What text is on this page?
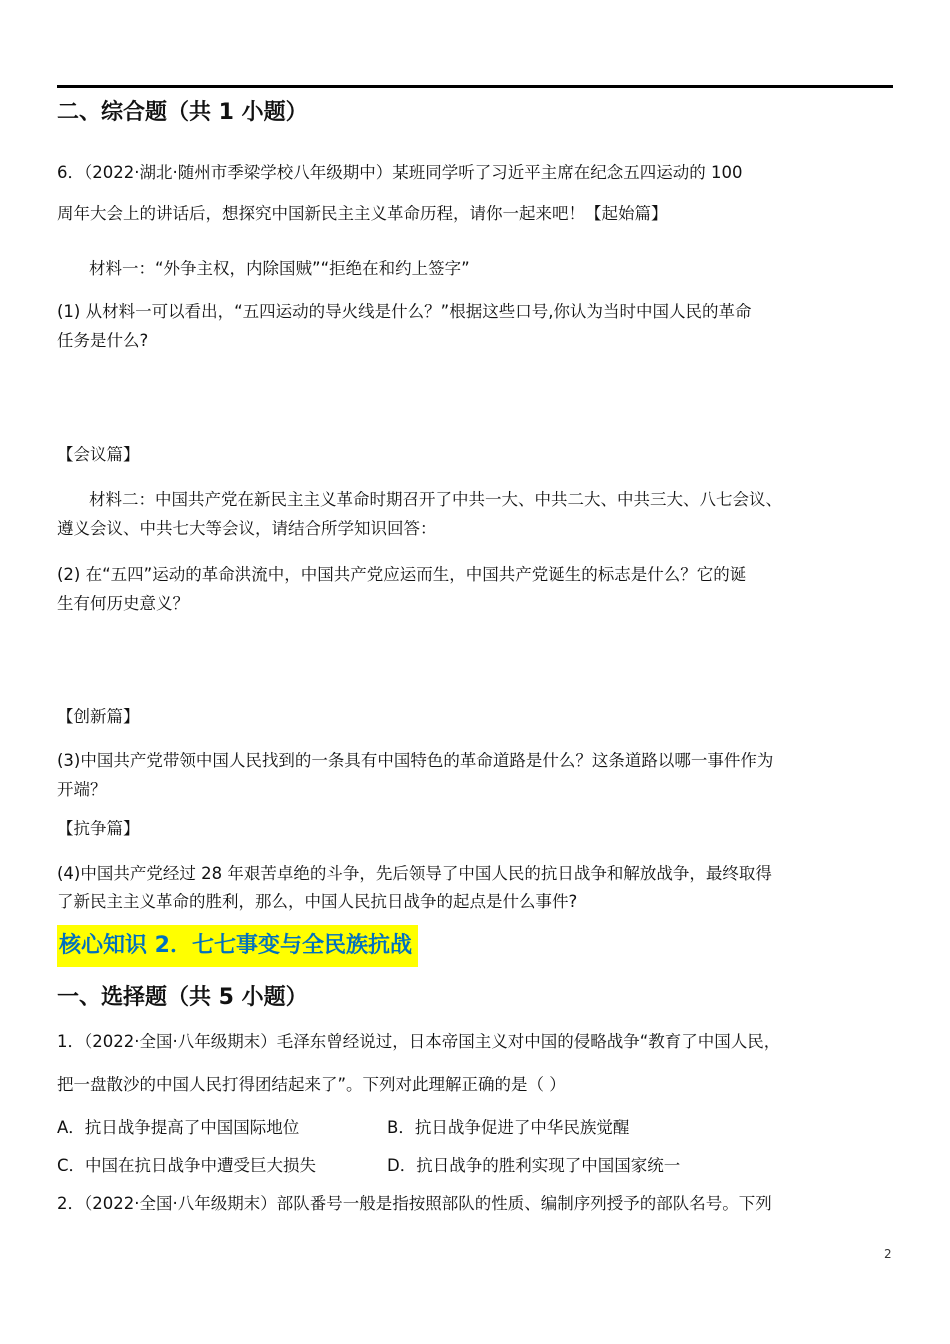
二、综合题（共 1 小题）
6．（2022·湖北·随州市季梁学校八年级期中）某班同学听了习近平主席在纪念五四运动的 100
周年大会上的讲话后，想探究中国新民主主义革命历程，请你一起来吧！【起始篇】
材料一：“外争主权，内除国贼”“拒绝在和约上签字”
(1) 从材料一可以看出，“五四运动的导火线是什么？”根据这些口号,你认为当时中国人民的革命
任务是什么?
【会议篇】
材料二：中国共产党在新民主主义革命时期召开了中共一大、中共二大、中共三大、八七会议、
遵义会议、中共七大等会议，请结合所学知识回答：
(2) 在“五四”运动的革命洪流中，中国共产党应运而生，中国共产党诞生的标志是什么？它的诞
生有何历史意义？
【创新篇】
(3)中国共产党带领中国人民找到的一条具有中国特色的革命道路是什么？这条道路以哪一事件作为
开端？
【抗争篇】
(4)中国共产党经过 28 年艰苦卓绝的斗争，先后领导了中国人民的抗日战争和解放战争，最终取得
了新民主主义革命的胜利，那么，中国人民抗日战争的起点是什么事件?
核心知识 2．七七事变与全民族抗战
一、选择题（共 5 小题）
1．（2022·全国·八年级期末）毛泽东曾经说过，日本帝国主义对中国的侵略战争“教育了中国人民，
把一盘散沙的中国人民打得团结起来了”。下列对此理解正确的是（ ）
A．抗日战争提高了中国国际地位	B．抗日战争促进了中华民族觉醒
C．中国在抗日战争中遭受巨大损失	D．抗日战争的胜利实现了中国国家统一
2．（2022·全国·八年级期末）部队番号一般是指按照部队的性质、编制序列授予的部队名号。下列
2
